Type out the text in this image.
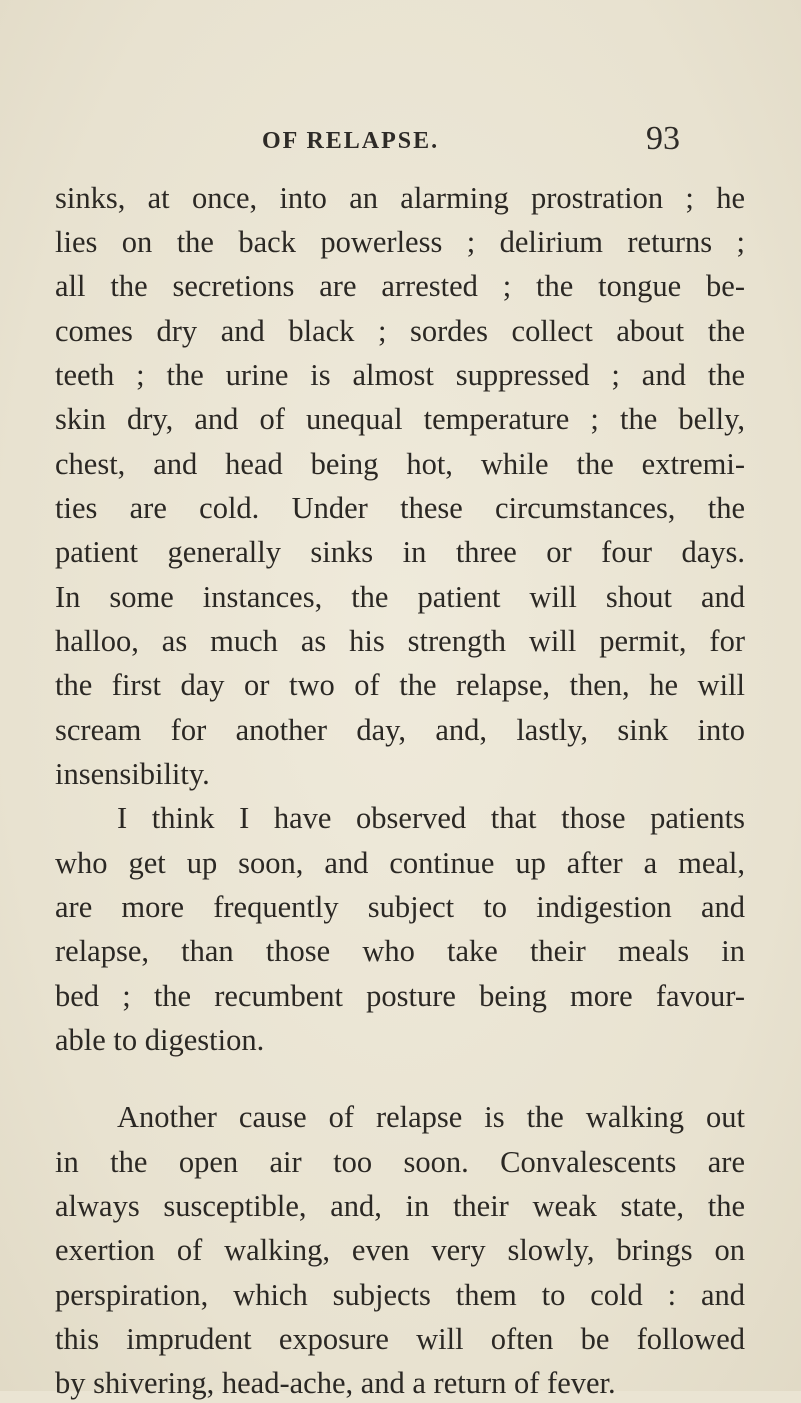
OF RELAPSE.	93
sinks, at once, into an alarming prostration ; he
lies on the back powerless ; delirium returns ;
all the secretions are arrested ; the tongue be-
comes dry and black ; sordes collect about the
teeth ; the urine is almost suppressed ; and the
skin dry, and of unequal temperature ; the belly,
chest, and head being hot, while the extremi-
ties are cold. Under these circumstances, the
patient generally sinks in three or four days.
In some instances, the patient will shout and
halloo, as much as his strength will permit, for
the first day or two of the relapse, then, he will
scream for another day, and, lastly, sink into
insensibility.
I think I have observed that those patients
who get up soon, and continue up after a meal,
are more frequently subject to indigestion and
relapse, than those who take their meals in
bed ; the recumbent posture being more favour-
able to digestion.
Another cause of relapse is the walking out
in the open air too soon. Convalescents are
always susceptible, and, in their weak state, the
exertion of walking, even very slowly, brings on
perspiration, which subjects them to cold : and
this imprudent exposure will often be followed
by shivering, head-ache, and a return of fever.
